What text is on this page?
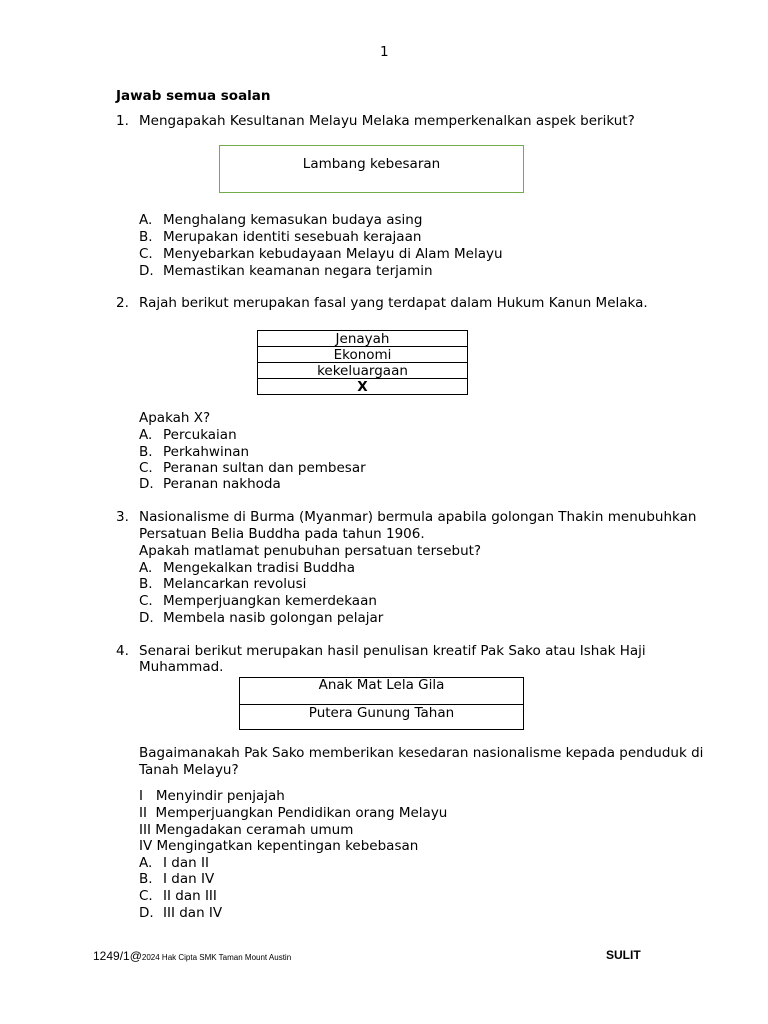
1
Jawab semua soalan
1. Mengapakah Kesultanan Melayu Melaka memperkenalkan aspek berikut?
Lambang kebesaran
A. Menghalang kemasukan budaya asing
B. Merupakan identiti sesebuah kerajaan
C. Menyebarkan kebudayaan Melayu di Alam Melayu
D. Memastikan keamanan negara terjamin
2. Rajah berikut merupakan fasal yang terdapat dalam Hukum Kanun Melaka.
Jenayah
Ekonomi
kekeluargaan
X
Apakah X?
A. Percukaian
B. Perkahwinan
C. Peranan sultan dan pembesar
D. Peranan nakhoda
3. Nasionalisme di Burma (Myanmar) bermula apabila golongan Thakin menubuhkan
Persatuan Belia Buddha pada tahun 1906.
Apakah matlamat penubuhan persatuan tersebut?
A. Mengekalkan tradisi Buddha
B. Melancarkan revolusi
C. Memperjuangkan kemerdekaan
D. Membela nasib golongan pelajar
4. Senarai berikut merupakan hasil penulisan kreatif Pak Sako atau Ishak Haji
Muhammad.
Anak Mat Lela Gila
Putera Gunung Tahan
Bagaimanakah Pak Sako memberikan kesedaran nasionalisme kepada penduduk di
Tanah Melayu?
I   Menyindir penjajah
II  Memperjuangkan Pendidikan orang Melayu
III Mengadakan ceramah umum
IV Mengingatkan kepentingan kebebasan
A. I dan II
B. I dan IV
C. II dan III
D. III dan IV
1249/1@2024 Hak Cipta SMK Taman Mount Austin	SULIT
